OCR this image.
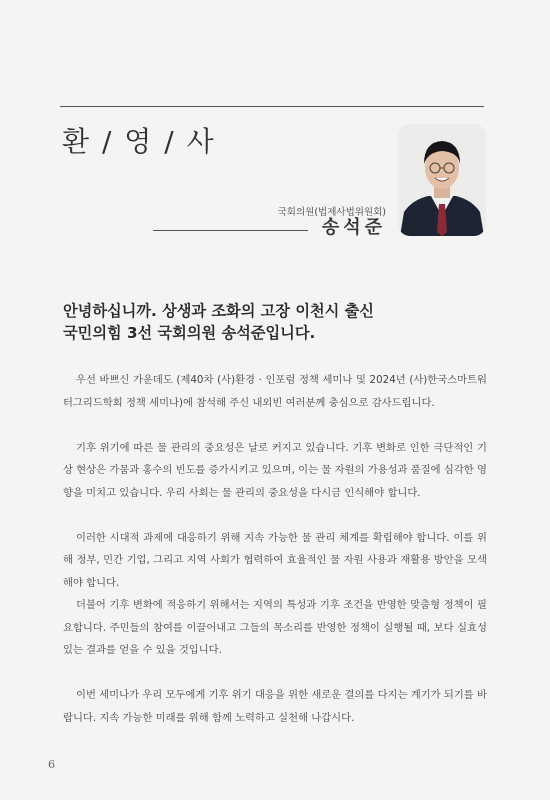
환 / 영 / 사
국회의원(법제사법위원회)
송석준
안녕하십니까. 상생과 조화의 고장 이천시 출신
국민의힘 3선 국회의원 송석준입니다.

우선 바쁘신 가운데도 (제40차 (사)환경 · 인포럼 정책 세미나 및 2024년 (사)한국스마트워터그리드학회 정책 세미나)에 참석해 주신 내외빈 여러분께 충심으로 감사드립니다.

기후 위기에 따른 물 관리의 중요성은 날로 커지고 있습니다. 기후 변화로 인한 극단적인 기상 현상은 가뭄과 홍수의 빈도를 증가시키고 있으며, 이는 물 자원의 가용성과 품질에 심각한 영향을 미치고 있습니다. 우리 사회는 물 관리의 중요성을 다시금 인식해야 합니다.

이러한 시대적 과제에 대응하기 위해 지속 가능한 물 관리 체계를 확립해야 합니다. 이를 위해 정부, 민간 기업, 그리고 지역 사회가 협력하여 효율적인 물 자원 사용과 재활용 방안을 모색해야 합니다.

더불어 기후 변화에 적응하기 위해서는 지역의 특성과 기후 조건을 반영한 맞춤형 정책이 필요합니다. 주민들의 참여를 이끌어내고 그들의 목소리를 반영한 정책이 실행될 때, 보다 실효성 있는 결과를 얻을 수 있을 것입니다.

이번 세미나가 우리 모두에게 기후 위기 대응을 위한 새로운 결의를 다지는 계기가 되기를 바랍니다. 지속 가능한 미래를 위해 함께 노력하고 실천해 나갑시다.

6
